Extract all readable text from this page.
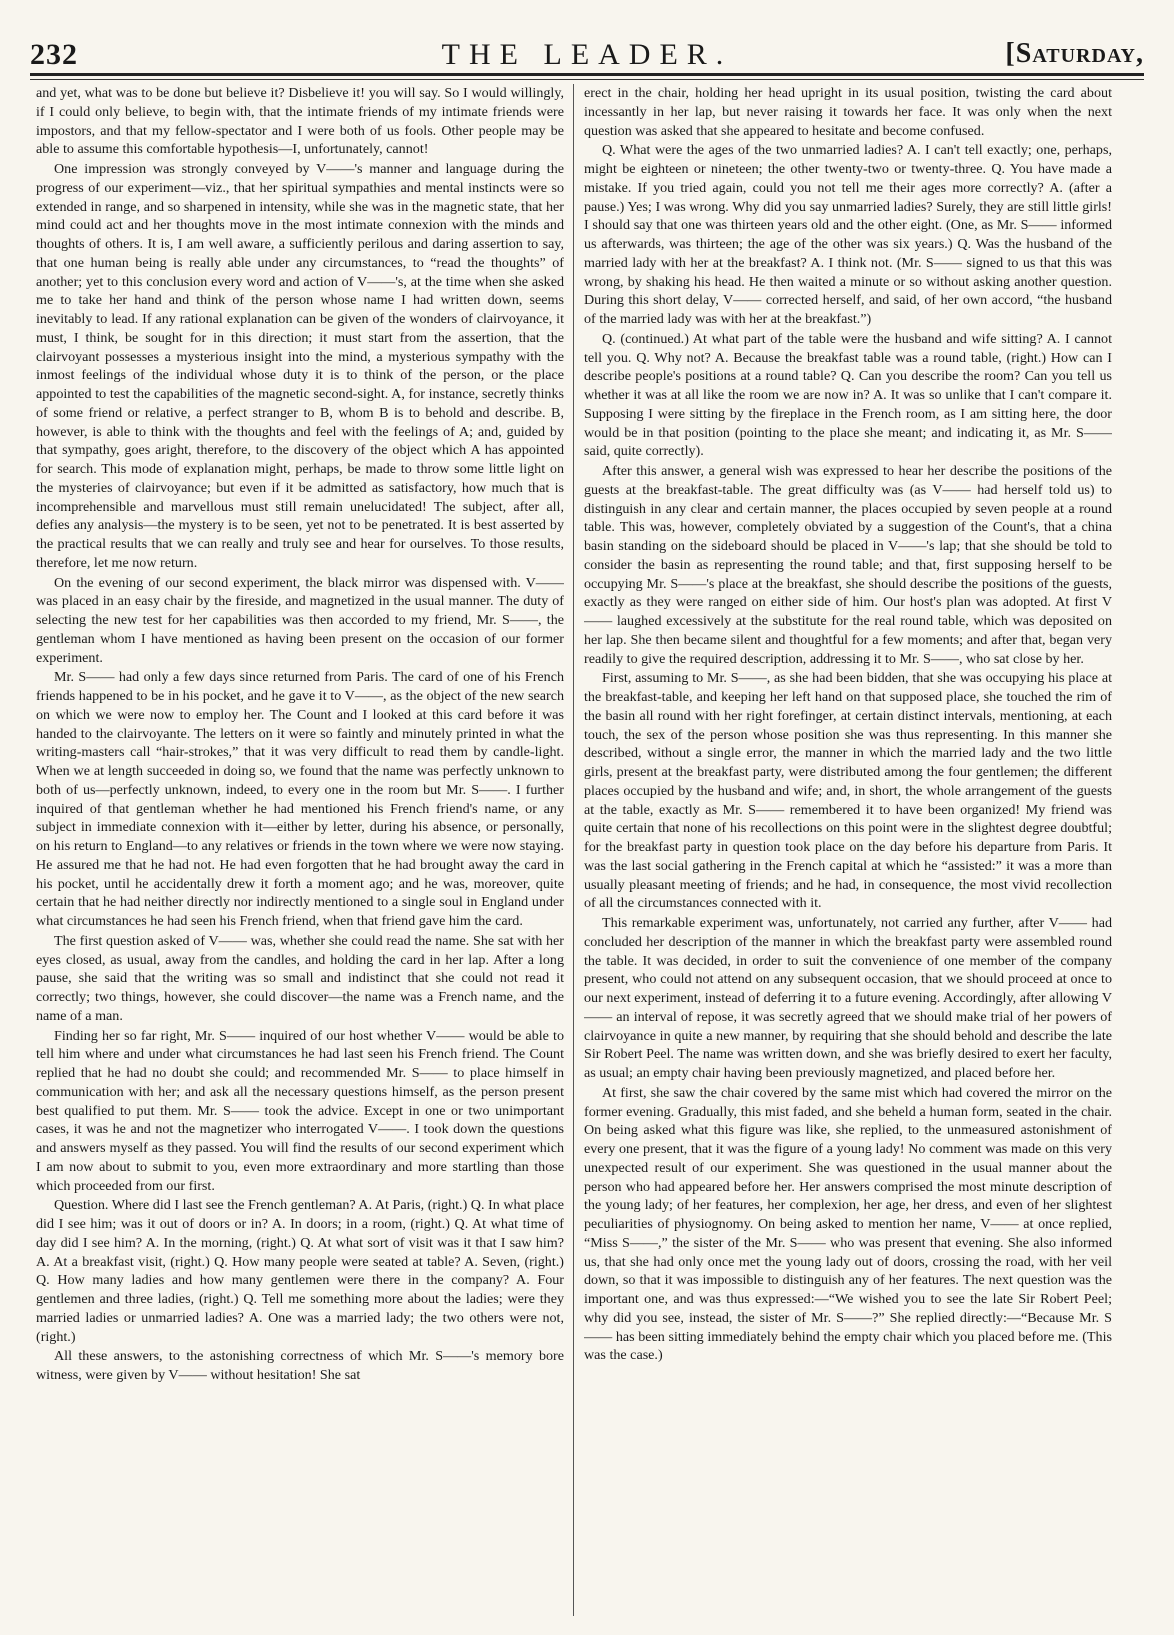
232	THE LEADER.	[Saturday,

and yet, what was to be done but believe it? Disbelieve it! you will say. So I would willingly, if I could only believe, to begin with, that the intimate friends of my intimate friends were impostors, and that my fellow-spectator and I were both of us fools. Other people may be able to assume this comfortable hypothesis—I, unfortunately, cannot!

One impression was strongly conveyed by V——'s manner and language during the progress of our experiment—viz., that her spiritual sympathies and mental instincts were so extended in range, and so sharpened in intensity, while she was in the magnetic state, that her mind could act and her thoughts move in the most intimate connexion with the minds and thoughts of others. It is, I am well aware, a sufficiently perilous and daring assertion to say, that one human being is really able under any circumstances, to “read the thoughts” of another; yet to this conclusion every word and action of V——'s, at the time when she asked me to take her hand and think of the person whose name I had written down, seems inevitably to lead. If any rational explanation can be given of the wonders of clairvoyance, it must, I think, be sought for in this direction; it must start from the assertion, that the clairvoyant possesses a mysterious insight into the mind, a mysterious sympathy with the inmost feelings of the individual whose duty it is to think of the person, or the place appointed to test the capabilities of the magnetic second-sight. A, for instance, secretly thinks of some friend or relative, a perfect stranger to B, whom B is to behold and describe. B, however, is able to think with the thoughts and feel with the feelings of A; and, guided by that sympathy, goes aright, therefore, to the discovery of the object which A has appointed for search. This mode of explanation might, perhaps, be made to throw some little light on the mysteries of clairvoyance; but even if it be admitted as satisfactory, how much that is incomprehensible and marvellous must still remain unelucidated! The subject, after all, defies any analysis—the mystery is to be seen, yet not to be penetrated. It is best asserted by the practical results that we can really and truly see and hear for ourselves. To those results, therefore, let me now return.

On the evening of our second experiment, the black mirror was dispensed with. V—— was placed in an easy chair by the fireside, and magnetized in the usual manner. The duty of selecting the new test for her capabilities was then accorded to my friend, Mr. S——, the gentleman whom I have mentioned as having been present on the occasion of our former experiment.

Mr. S—— had only a few days since returned from Paris. The card of one of his French friends happened to be in his pocket, and he gave it to V——, as the object of the new search on which we were now to employ her. The Count and I looked at this card before it was handed to the clairvoyante. The letters on it were so faintly and minutely printed in what the writing-masters call “hair-strokes,” that it was very difficult to read them by candle-light. When we at length succeeded in doing so, we found that the name was perfectly unknown to both of us—perfectly unknown, indeed, to every one in the room but Mr. S——. I further inquired of that gentleman whether he had mentioned his French friend's name, or any subject in immediate connexion with it—either by letter, during his absence, or personally, on his return to England—to any relatives or friends in the town where we were now staying. He assured me that he had not. He had even forgotten that he had brought away the card in his pocket, until he accidentally drew it forth a moment ago; and he was, moreover, quite certain that he had neither directly nor indirectly mentioned to a single soul in England under what circumstances he had seen his French friend, when that friend gave him the card.

The first question asked of V—— was, whether she could read the name. She sat with her eyes closed, as usual, away from the candles, and holding the card in her lap. After a long pause, she said that the writing was so small and indistinct that she could not read it correctly; two things, however, she could discover—the name was a French name, and the name of a man.

Finding her so far right, Mr. S—— inquired of our host whether V—— would be able to tell him where and under what circumstances he had last seen his French friend. The Count replied that he had no doubt she could; and recommended Mr. S—— to place himself in communication with her; and ask all the necessary questions himself, as the person present best qualified to put them. Mr. S—— took the advice. Except in one or two unimportant cases, it was he and not the magnetizer who interrogated V——. I took down the questions and answers myself as they passed. You will find the results of our second experiment which I am now about to submit to you, even more extraordinary and more startling than those which proceeded from our first.

Question. Where did I last see the French gentleman? A. At Paris, (right.) Q. In what place did I see him; was it out of doors or in? A. In doors; in a room, (right.) Q. At what time of day did I see him? A. In the morning, (right.) Q. At what sort of visit was it that I saw him? A. At a breakfast visit, (right.) Q. How many people were seated at table? A. Seven, (right.) Q. How many ladies and how many gentlemen were there in the company? A. Four gentlemen and three ladies, (right.) Q. Tell me something more about the ladies; were they married ladies or unmarried ladies? A. One was a married lady; the two others were not, (right.)

All these answers, to the astonishing correctness of which Mr. S——'s memory bore witness, were given by V—— without hesitation! She sat

erect in the chair, holding her head upright in its usual position, twisting the card about incessantly in her lap, but never raising it towards her face. It was only when the next question was asked that she appeared to hesitate and become confused.

Q. What were the ages of the two unmarried ladies? A. I can't tell exactly; one, perhaps, might be eighteen or nineteen; the other twenty-two or twenty-three. Q. You have made a mistake. If you tried again, could you not tell me their ages more correctly? A. (after a pause.) Yes; I was wrong. Why did you say unmarried ladies? Surely, they are still little girls! I should say that one was thirteen years old and the other eight. (One, as Mr. S—— informed us afterwards, was thirteen; the age of the other was six years.) Q. Was the husband of the married lady with her at the breakfast? A. I think not. (Mr. S—— signed to us that this was wrong, by shaking his head. He then waited a minute or so without asking another question. During this short delay, V—— corrected herself, and said, of her own accord, “the husband of the married lady was with her at the breakfast.”)

Q. (continued.) At what part of the table were the husband and wife sitting? A. I cannot tell you. Q. Why not? A. Because the breakfast table was a round table, (right.) How can I describe people's positions at a round table? Q. Can you describe the room? Can you tell us whether it was at all like the room we are now in? A. It was so unlike that I can't compare it. Supposing I were sitting by the fireplace in the French room, as I am sitting here, the door would be in that position (pointing to the place she meant; and indicating it, as Mr. S—— said, quite correctly).

After this answer, a general wish was expressed to hear her describe the positions of the guests at the breakfast-table. The great difficulty was (as V—— had herself told us) to distinguish in any clear and certain manner, the places occupied by seven people at a round table. This was, however, completely obviated by a suggestion of the Count's, that a china basin standing on the sideboard should be placed in V——'s lap; that she should be told to consider the basin as representing the round table; and that, first supposing herself to be occupying Mr. S——'s place at the breakfast, she should describe the positions of the guests, exactly as they were ranged on either side of him. Our host's plan was adopted. At first V—— laughed excessively at the substitute for the real round table, which was deposited on her lap. She then became silent and thoughtful for a few moments; and after that, began very readily to give the required description, addressing it to Mr. S——, who sat close by her.

First, assuming to Mr. S——, as she had been bidden, that she was occupying his place at the breakfast-table, and keeping her left hand on that supposed place, she touched the rim of the basin all round with her right forefinger, at certain distinct intervals, mentioning, at each touch, the sex of the person whose position she was thus representing. In this manner she described, without a single error, the manner in which the married lady and the two little girls, present at the breakfast party, were distributed among the four gentlemen; the different places occupied by the husband and wife; and, in short, the whole arrangement of the guests at the table, exactly as Mr. S—— remembered it to have been organized! My friend was quite certain that none of his recollections on this point were in the slightest degree doubtful; for the breakfast party in question took place on the day before his departure from Paris. It was the last social gathering in the French capital at which he “assisted:” it was a more than usually pleasant meeting of friends; and he had, in consequence, the most vivid recollection of all the circumstances connected with it.

This remarkable experiment was, unfortunately, not carried any further, after V—— had concluded her description of the manner in which the breakfast party were assembled round the table. It was decided, in order to suit the convenience of one member of the company present, who could not attend on any subsequent occasion, that we should proceed at once to our next experiment, instead of deferring it to a future evening. Accordingly, after allowing V—— an interval of repose, it was secretly agreed that we should make trial of her powers of clairvoyance in quite a new manner, by requiring that she should behold and describe the late Sir Robert Peel. The name was written down, and she was briefly desired to exert her faculty, as usual; an empty chair having been previously magnetized, and placed before her.

At first, she saw the chair covered by the same mist which had covered the mirror on the former evening. Gradually, this mist faded, and she beheld a human form, seated in the chair. On being asked what this figure was like, she replied, to the unmeasured astonishment of every one present, that it was the figure of a young lady! No comment was made on this very unexpected result of our experiment. She was questioned in the usual manner about the person who had appeared before her. Her answers comprised the most minute description of the young lady; of her features, her complexion, her age, her dress, and even of her slightest peculiarities of physiognomy. On being asked to mention her name, V—— at once replied, “Miss S——,” the sister of the Mr. S—— who was present that evening. She also informed us, that she had only once met the young lady out of doors, crossing the road, with her veil down, so that it was impossible to distinguish any of her features. The next question was the important one, and was thus expressed:—“We wished you to see the late Sir Robert Peel; why did you see, instead, the sister of Mr. S——?” She replied directly:—“Because Mr. S—— has been sitting immediately behind the empty chair which you placed before me. (This was the case.)
